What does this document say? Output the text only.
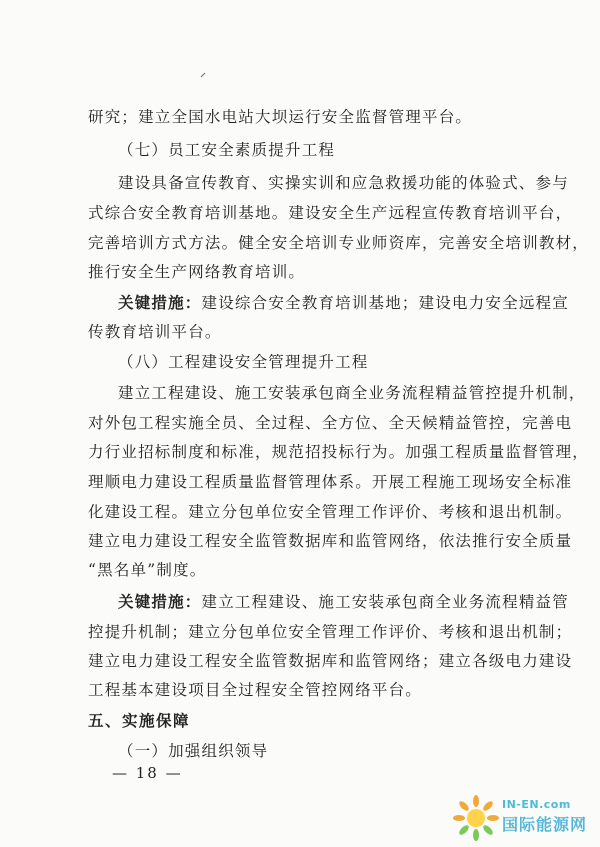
研究；建立全国水电站大坝运行安全监督管理平台。
（七）员工安全素质提升工程
建设具备宣传教育、实操实训和应急救援功能的体验式、参与
式综合安全教育培训基地。建设安全生产远程宣传教育培训平台，
完善培训方式方法。健全安全培训专业师资库，完善安全培训教材，
推行安全生产网络教育培训。
关键措施：建设综合安全教育培训基地；建设电力安全远程宣
传教育培训平台。
（八）工程建设安全管理提升工程
建立工程建设、施工安装承包商全业务流程精益管控提升机制，
对外包工程实施全员、全过程、全方位、全天候精益管控，完善电
力行业招标制度和标准，规范招投标行为。加强工程质量监督管理，
理顺电力建设工程质量监督管理体系。开展工程施工现场安全标准
化建设工程。建立分包单位安全管理工作评价、考核和退出机制。
建立电力建设工程安全监管数据库和监管网络，依法推行安全质量
“黑名单”制度。
关键措施：建立工程建设、施工安装承包商全业务流程精益管
控提升机制；建立分包单位安全管理工作评价、考核和退出机制；
建立电力建设工程安全监管数据库和监管网络；建立各级电力建设
工程基本建设项目全过程安全管控网络平台。
五、实施保障
（一）加强组织领导
— 18 —
IN-EN.com
国际能源网
